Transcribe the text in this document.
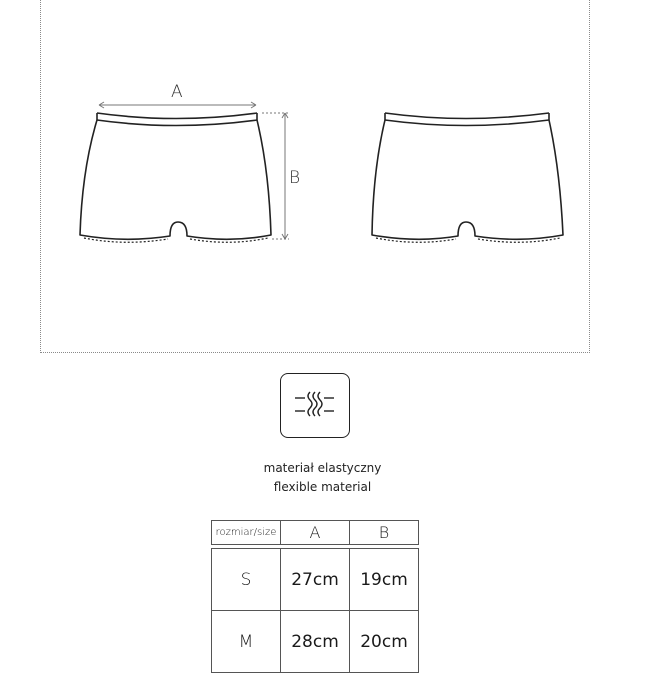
A
B
materiał elastyczny
flexible material
rozmiar/size	A	B

S	27cm	19cm
M	28cm	20cm
